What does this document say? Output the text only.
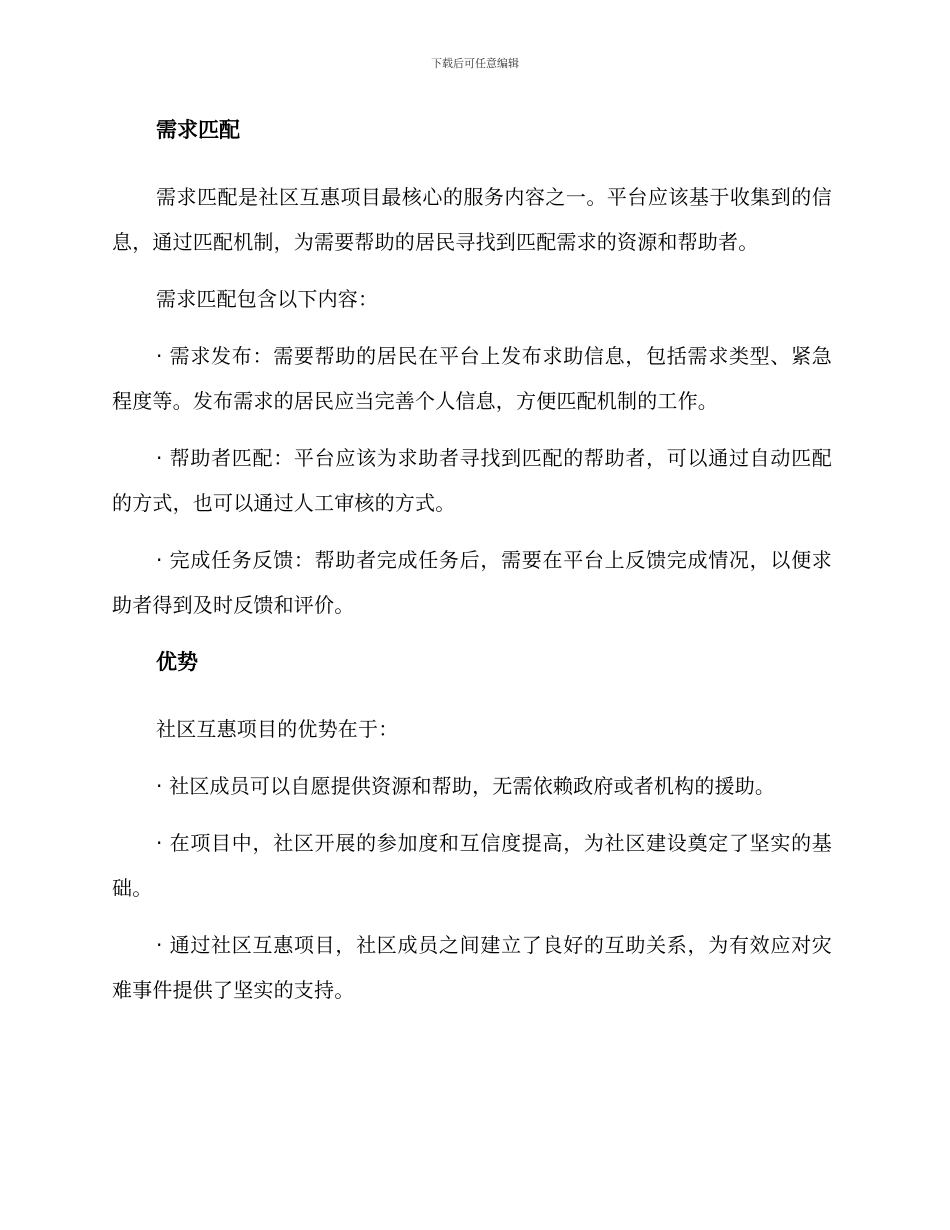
下载后可任意编辑
需求匹配

需求匹配是社区互惠项目最核心的服务内容之一。平台应该基于收集到的信息，通过匹配机制，为需要帮助的居民寻找到匹配需求的资源和帮助者。

需求匹配包含以下内容：

· 需求发布：需要帮助的居民在平台上发布求助信息，包括需求类型、紧急程度等。发布需求的居民应当完善个人信息，方便匹配机制的工作。

· 帮助者匹配：平台应该为求助者寻找到匹配的帮助者，可以通过自动匹配的方式，也可以通过人工审核的方式。

· 完成任务反馈：帮助者完成任务后，需要在平台上反馈完成情况，以便求助者得到及时反馈和评价。

优势

社区互惠项目的优势在于：

· 社区成员可以自愿提供资源和帮助，无需依赖政府或者机构的援助。

· 在项目中，社区开展的参加度和互信度提高，为社区建设奠定了坚实的基础。

· 通过社区互惠项目，社区成员之间建立了良好的互助关系，为有效应对灾难事件提供了坚实的支持。
